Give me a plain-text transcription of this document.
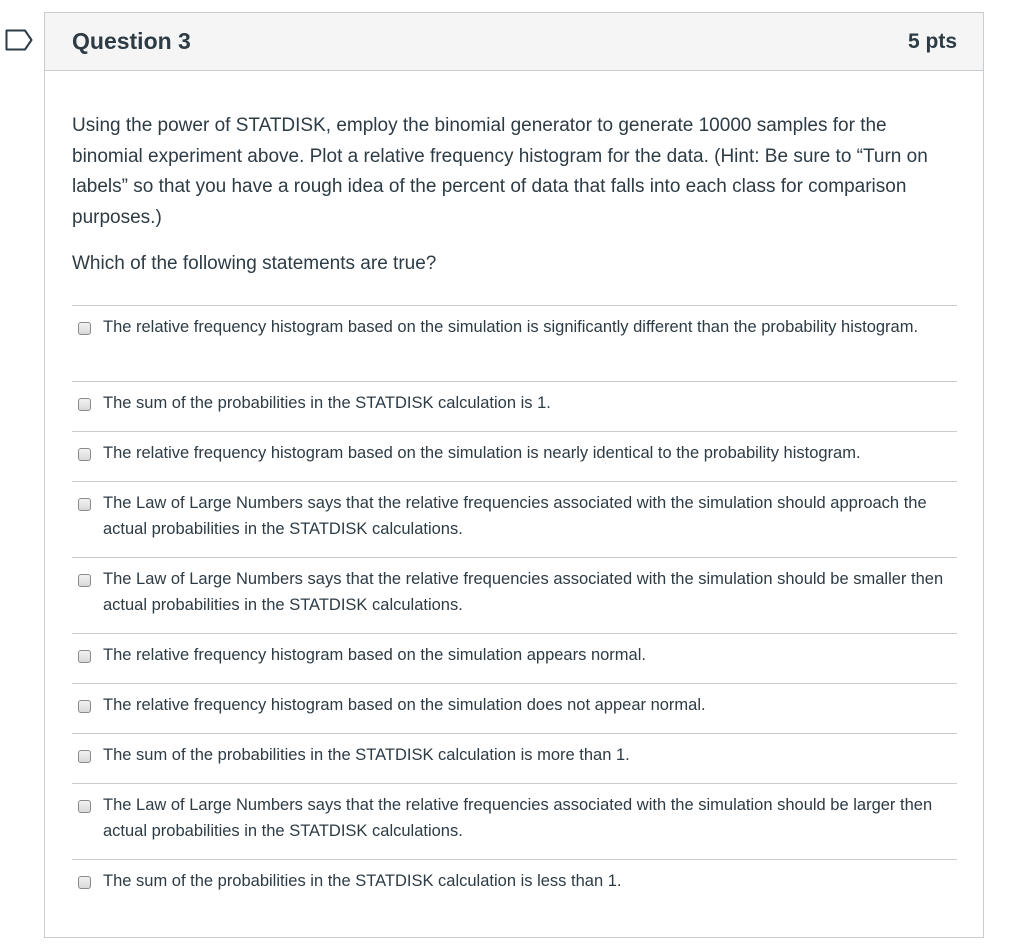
Question 3	5 pts

Using the power of STATDISK, employ the binomial generator to generate 10000 samples for the binomial experiment above. Plot a relative frequency histogram for the data. (Hint: Be sure to “Turn on labels” so that you have a rough idea of the percent of data that falls into each class for comparison purposes.)

Which of the following statements are true?

The relative frequency histogram based on the simulation is significantly different than the probability histogram.
The sum of the probabilities in the STATDISK calculation is 1.
The relative frequency histogram based on the simulation is nearly identical to the probability histogram.
The Law of Large Numbers says that the relative frequencies associated with the simulation should approach the actual probabilities in the STATDISK calculations.
The Law of Large Numbers says that the relative frequencies associated with the simulation should be smaller then actual probabilities in the STATDISK calculations.
The relative frequency histogram based on the simulation appears normal.
The relative frequency histogram based on the simulation does not appear normal.
The sum of the probabilities in the STATDISK calculation is more than 1.
The Law of Large Numbers says that the relative frequencies associated with the simulation should be larger then actual probabilities in the STATDISK calculations.
The sum of the probabilities in the STATDISK calculation is less than 1.
